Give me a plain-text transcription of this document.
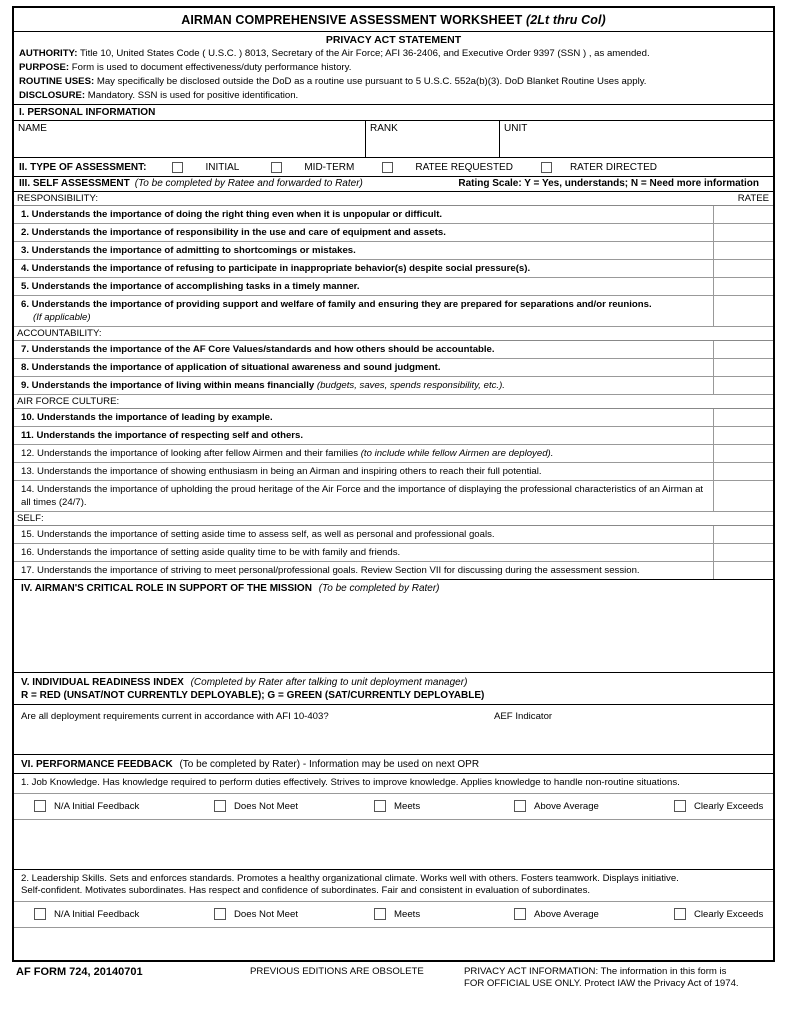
AIRMAN COMPREHENSIVE ASSESSMENT WORKSHEET (2Lt thru Col)
PRIVACY ACT STATEMENT
AUTHORITY: Title 10, United States Code ( U.S.C. ) 8013, Secretary of the Air Force; AFI 36-2406, and Executive Order 9397 (SSN ) , as amended.
PURPOSE: Form is used to document effectiveness/duty performance history.
ROUTINE USES: May specifically be disclosed outside the DoD as a routine use pursuant to 5 U.S.C. 552a(b)(3). DoD Blanket Routine Uses apply.
DISCLOSURE: Mandatory. SSN is used for positive identification.
I. PERSONAL INFORMATION
NAME	RANK	UNIT
II. TYPE OF ASSESSMENT:	INITIAL	MID-TERM	RATEE REQUESTED	RATER DIRECTED
III. SELF ASSESSMENT (To be completed by Ratee and forwarded to Rater)	Rating Scale: Y = Yes, understands; N = Need more information
RESPONSIBILITY:	RATEE
1. Understands the importance of doing the right thing even when it is unpopular or difficult.
2. Understands the importance of responsibility in the use and care of equipment and assets.
3. Understands the importance of admitting to shortcomings or mistakes.
4. Understands the importance of refusing to participate in inappropriate behavior(s) despite social pressure(s).
5. Understands the importance of accomplishing tasks in a timely manner.
6. Understands the importance of providing support and welfare of family and ensuring they are prepared for separations and/or reunions.
(If applicable)
ACCOUNTABILITY:
7. Understands the importance of the AF Core Values/standards and how others should be accountable.
8. Understands the importance of application of situational awareness and sound judgment.
9. Understands the importance of living within means financially (budgets, saves, spends responsibility, etc.).
AIR FORCE CULTURE:
10. Understands the importance of leading by example.
11. Understands the importance of respecting self and others.
12. Understands the importance of looking after fellow Airmen and their families (to include while fellow Airmen are deployed).
13. Understands the importance of showing enthusiasm in being an Airman and inspiring others to reach their full potential.
14. Understands the importance of upholding the proud heritage of the Air Force and the importance of displaying the professional characteristics of an Airman at all times (24/7).
SELF:
15. Understands the importance of setting aside time to assess self, as well as personal and professional goals.
16. Understands the importance of setting aside quality time to be with family and friends.
17. Understands the importance of striving to meet personal/professional goals. Review Section VII for discussing during the assessment session.
IV. AIRMAN'S CRITICAL ROLE IN SUPPORT OF THE MISSION (To be completed by Rater)
V. INDIVIDUAL READINESS INDEX (Completed by Rater after talking to unit deployment manager)
R = RED (UNSAT/NOT CURRENTLY DEPLOYABLE); G = GREEN (SAT/CURRENTLY DEPLOYABLE)
Are all deployment requirements current in accordance with AFI 10-403?	AEF Indicator
VI. PERFORMANCE FEEDBACK (To be completed by Rater) - Information may be used on next OPR
1. Job Knowledge. Has knowledge required to perform duties effectively. Strives to improve knowledge. Applies knowledge to handle non-routine situations.
N/A Initial Feedback	Does Not Meet	Meets	Above Average	Clearly Exceeds
2. Leadership Skills. Sets and enforces standards. Promotes a healthy organizational climate. Works well with others. Fosters teamwork. Displays initiative.
Self-confident. Motivates subordinates. Has respect and confidence of subordinates. Fair and consistent in evaluation of subordinates.
N/A Initial Feedback	Does Not Meet	Meets	Above Average	Clearly Exceeds
AF FORM 724, 20140701	PREVIOUS EDITIONS ARE OBSOLETE	PRIVACY ACT INFORMATION: The information in this form is
FOR OFFICIAL USE ONLY. Protect IAW the Privacy Act of 1974.
